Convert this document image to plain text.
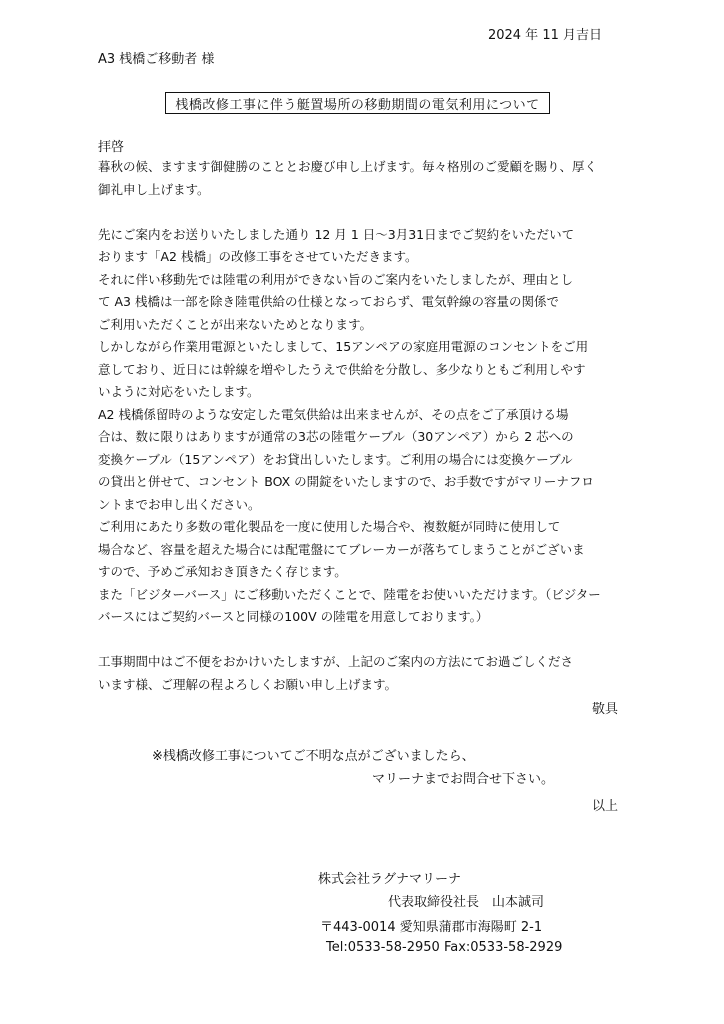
2024 年 11 月吉日
A3 桟橋ご移動者 様
桟橋改修工事に伴う艇置場所の移動期間の電気利用について
拝啓
暮秋の候、ますます御健勝のこととお慶び申し上げます。毎々格別のご愛顧を賜り、厚く
御礼申し上げます。
先にご案内をお送りいたしました通り 12 月 1 日～3月31日までご契約をいただいて
おります「A2 桟橋」の改修工事をさせていただきます。
それに伴い移動先では陸電の利用ができない旨のご案内をいたしましたが、理由とし
て A3 桟橋は一部を除き陸電供給の仕様となっておらず、電気幹線の容量の関係で
ご利用いただくことが出来ないためとなります。
しかしながら作業用電源といたしまして、15アンペアの家庭用電源のコンセントをご用
意しており、近日には幹線を増やしたうえで供給を分散し、多少なりともご利用しやす
いように対応をいたします。
A2 桟橋係留時のような安定した電気供給は出来ませんが、その点をご了承頂ける場
合は、数に限りはありますが通常の3芯の陸電ケーブル（30アンペア）から 2 芯への
変換ケーブル（15アンペア）をお貸出しいたします。ご利用の場合には変換ケーブル
の貸出と併せて、コンセント BOX の開錠をいたしますので、お手数ですがマリーナフロ
ントまでお申し出ください。
ご利用にあたり多数の電化製品を一度に使用した場合や、複数艇が同時に使用して
場合など、容量を超えた場合には配電盤にてブレーカーが落ちてしまうことがございま
すので、予めご承知おき頂きたく存じます。
また「ビジターバース」にご移動いただくことで、陸電をお使いいただけます。（ビジター
バースにはご契約バースと同様の100V の陸電を用意しております。）
工事期間中はご不便をおかけいたしますが、上記のご案内の方法にてお過ごしくださ
います様、ご理解の程よろしくお願い申し上げます。
敬具
※桟橋改修工事についてご不明な点がございましたら、
マリーナまでお問合せ下さい。
以上
株式会社ラグナマリーナ
代表取締役社長　山本誠司
〒443-0014 愛知県蒲郡市海陽町 2-1
Tel:0533-58-2950 Fax:0533-58-2929
